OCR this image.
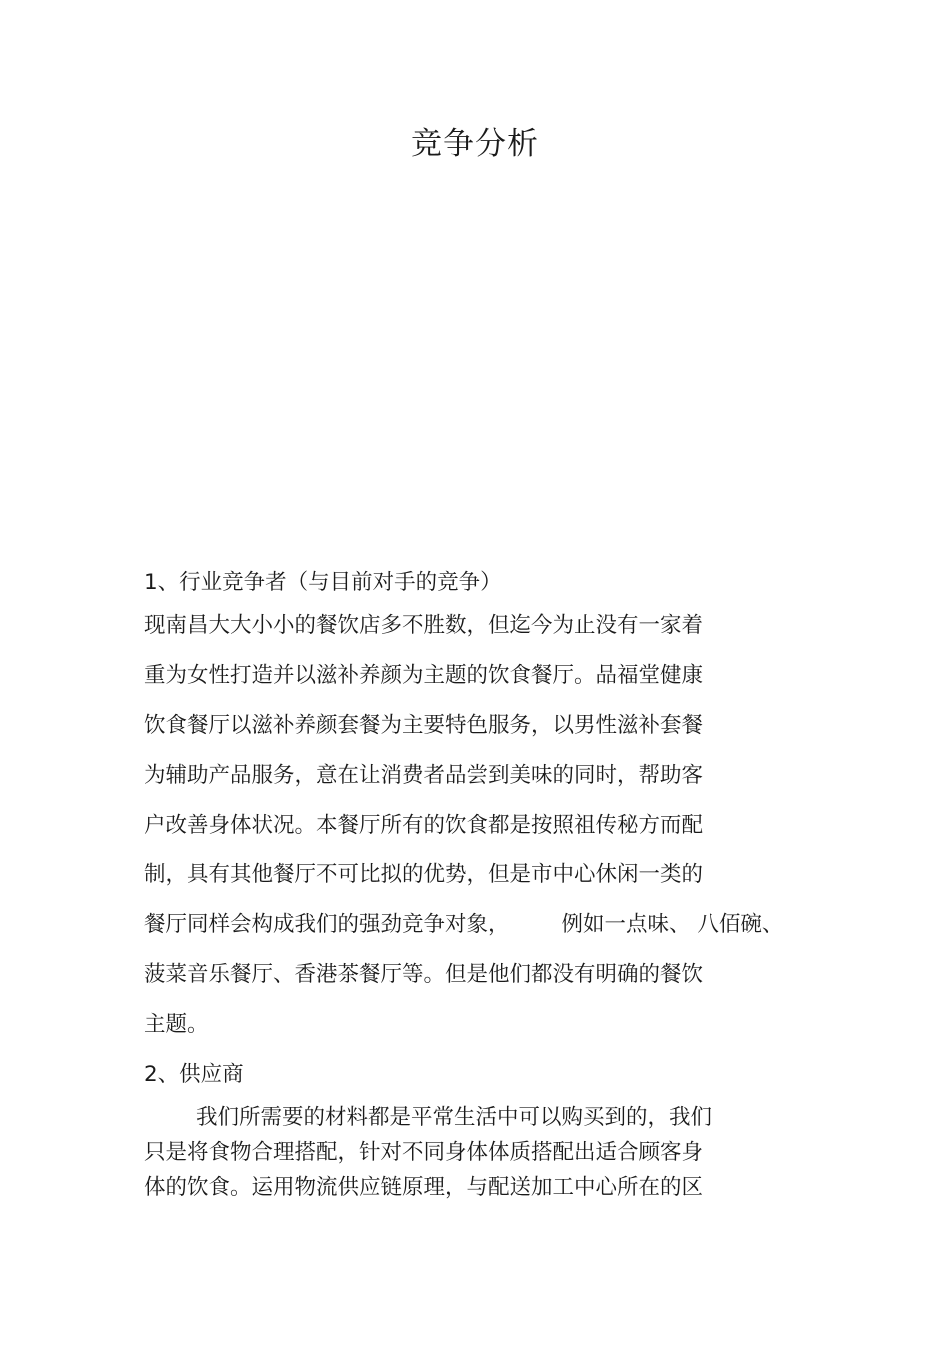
竞争分析
1、行业竞争者（与目前对手的竞争）
现南昌大大小小的餐饮店多不胜数，但迄今为止没有一家着
重为女性打造并以滋补养颜为主题的饮食餐厅。品福堂健康
饮食餐厅以滋补养颜套餐为主要特色服务，以男性滋补套餐
为辅助产品服务，意在让消费者品尝到美味的同时，帮助客
户改善身体状况。本餐厅所有的饮食都是按照祖传秘方而配
制，具有其他餐厅不可比拟的优势，但是市中心休闲一类的
餐厅同样会构成我们的强劲竞争对象， 例如一点味、 八佰碗、
菠菜音乐餐厅、香港茶餐厅等。但是他们都没有明确的餐饮
主题。
2、供应商
我们所需要的材料都是平常生活中可以购买到的，我们
只是将食物合理搭配，针对不同身体体质搭配出适合顾客身
体的饮食。运用物流供应链原理，与配送加工中心所在的区
